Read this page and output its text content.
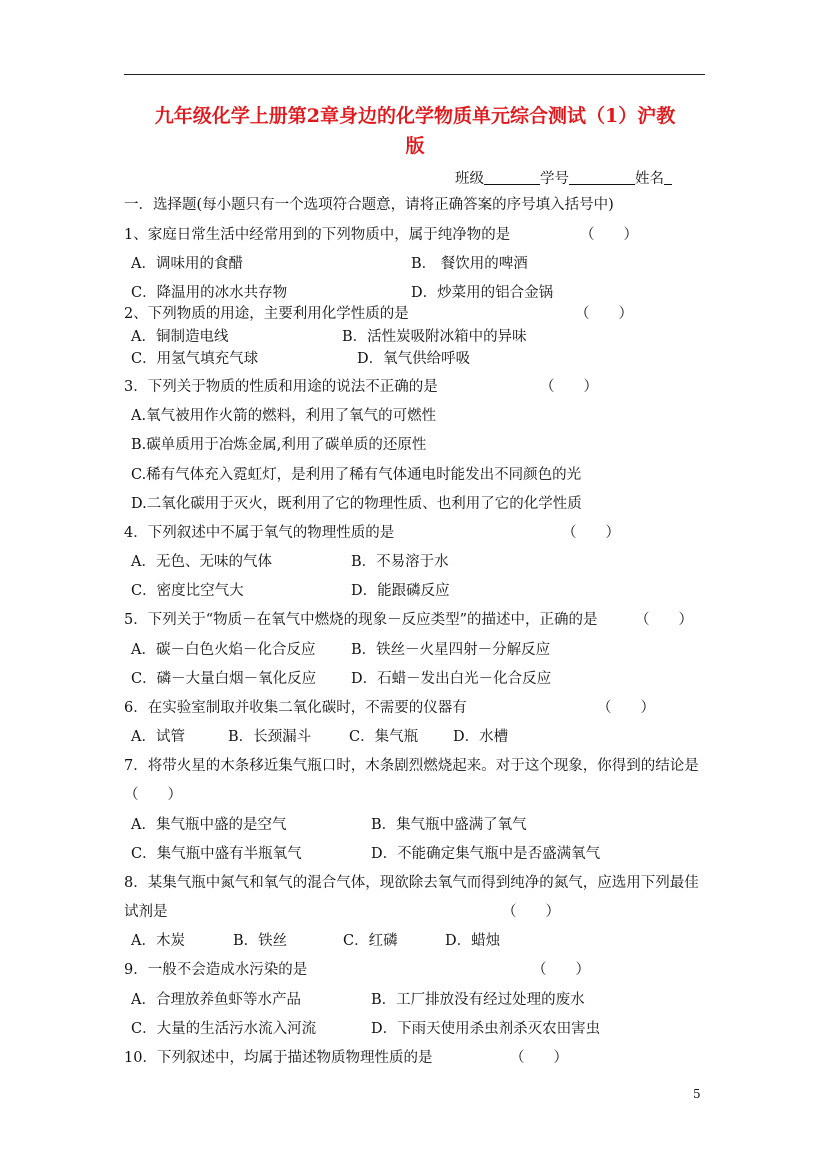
九年级化学上册第2章身边的化学物质单元综合测试（1）沪教
版
班级	学号	姓名
一．选择题(每小题只有一个选项符合题意，请将正确答案的序号填入括号中)
1、家庭日常生活中经常用到的下列物质中，属于纯净物的是	（　　）
A．调味用的食醋	B． 餐饮用的啤酒
C．降温用的冰水共存物	D．炒菜用的铝合金锅
2、下列物质的用途，主要利用化学性质的是	（　　）
A．铜制造电线	B．活性炭吸附冰箱中的异味
C．用氢气填充气球	D．氧气供给呼吸
3．下列关于物质的性质和用途的说法不正确的是	（　　）
A.氧气被用作火箭的燃料，利用了氧气的可燃性
B.碳单质用于冶炼金属,利用了碳单质的还原性
C.稀有气体充入霓虹灯，是利用了稀有气体通电时能发出不同颜色的光
D.二氧化碳用于灭火，既利用了它的物理性质、也利用了它的化学性质
4．下列叙述中不属于氧气的物理性质的是	（　　）
A．无色、无味的气体	B．不易溶于水
C．密度比空气大	D．能跟磷反应
5．下列关于“物质－在氧气中燃烧的现象－反应类型”的描述中，正确的是	（　　）
A．碳－白色火焰－化合反应 B．铁丝－火星四射－分解反应
C．磷－大量白烟－氧化反应 D．石蜡－发出白光－化合反应
6．在实验室制取并收集二氧化碳时，不需要的仪器有	（　　）
A．试管	B．长颈漏斗	C．集气瓶 D．水槽
7．将带火星的木条移近集气瓶口时，木条剧烈燃烧起来。对于这个现象，你得到的结论是
（　　）
A．集气瓶中盛的是空气	B．集气瓶中盛满了氧气
C．集气瓶中盛有半瓶氧气	D．不能确定集气瓶中是否盛满氧气
8．某集气瓶中氮气和氧气的混合气体，现欲除去氧气而得到纯净的氮气，应选用下列最佳
试剂是	（　　）
A．木炭	B．铁丝	C．红磷	D．蜡烛
9．一般不会造成水污染的是	（　　）
A．合理放养鱼虾等水产品	B．工厂排放没有经过处理的废水
C．大量的生活污水流入河流	D．下雨天使用杀虫剂杀灭农田害虫
10．下列叙述中，均属于描述物质物理性质的是	（　　）
5
